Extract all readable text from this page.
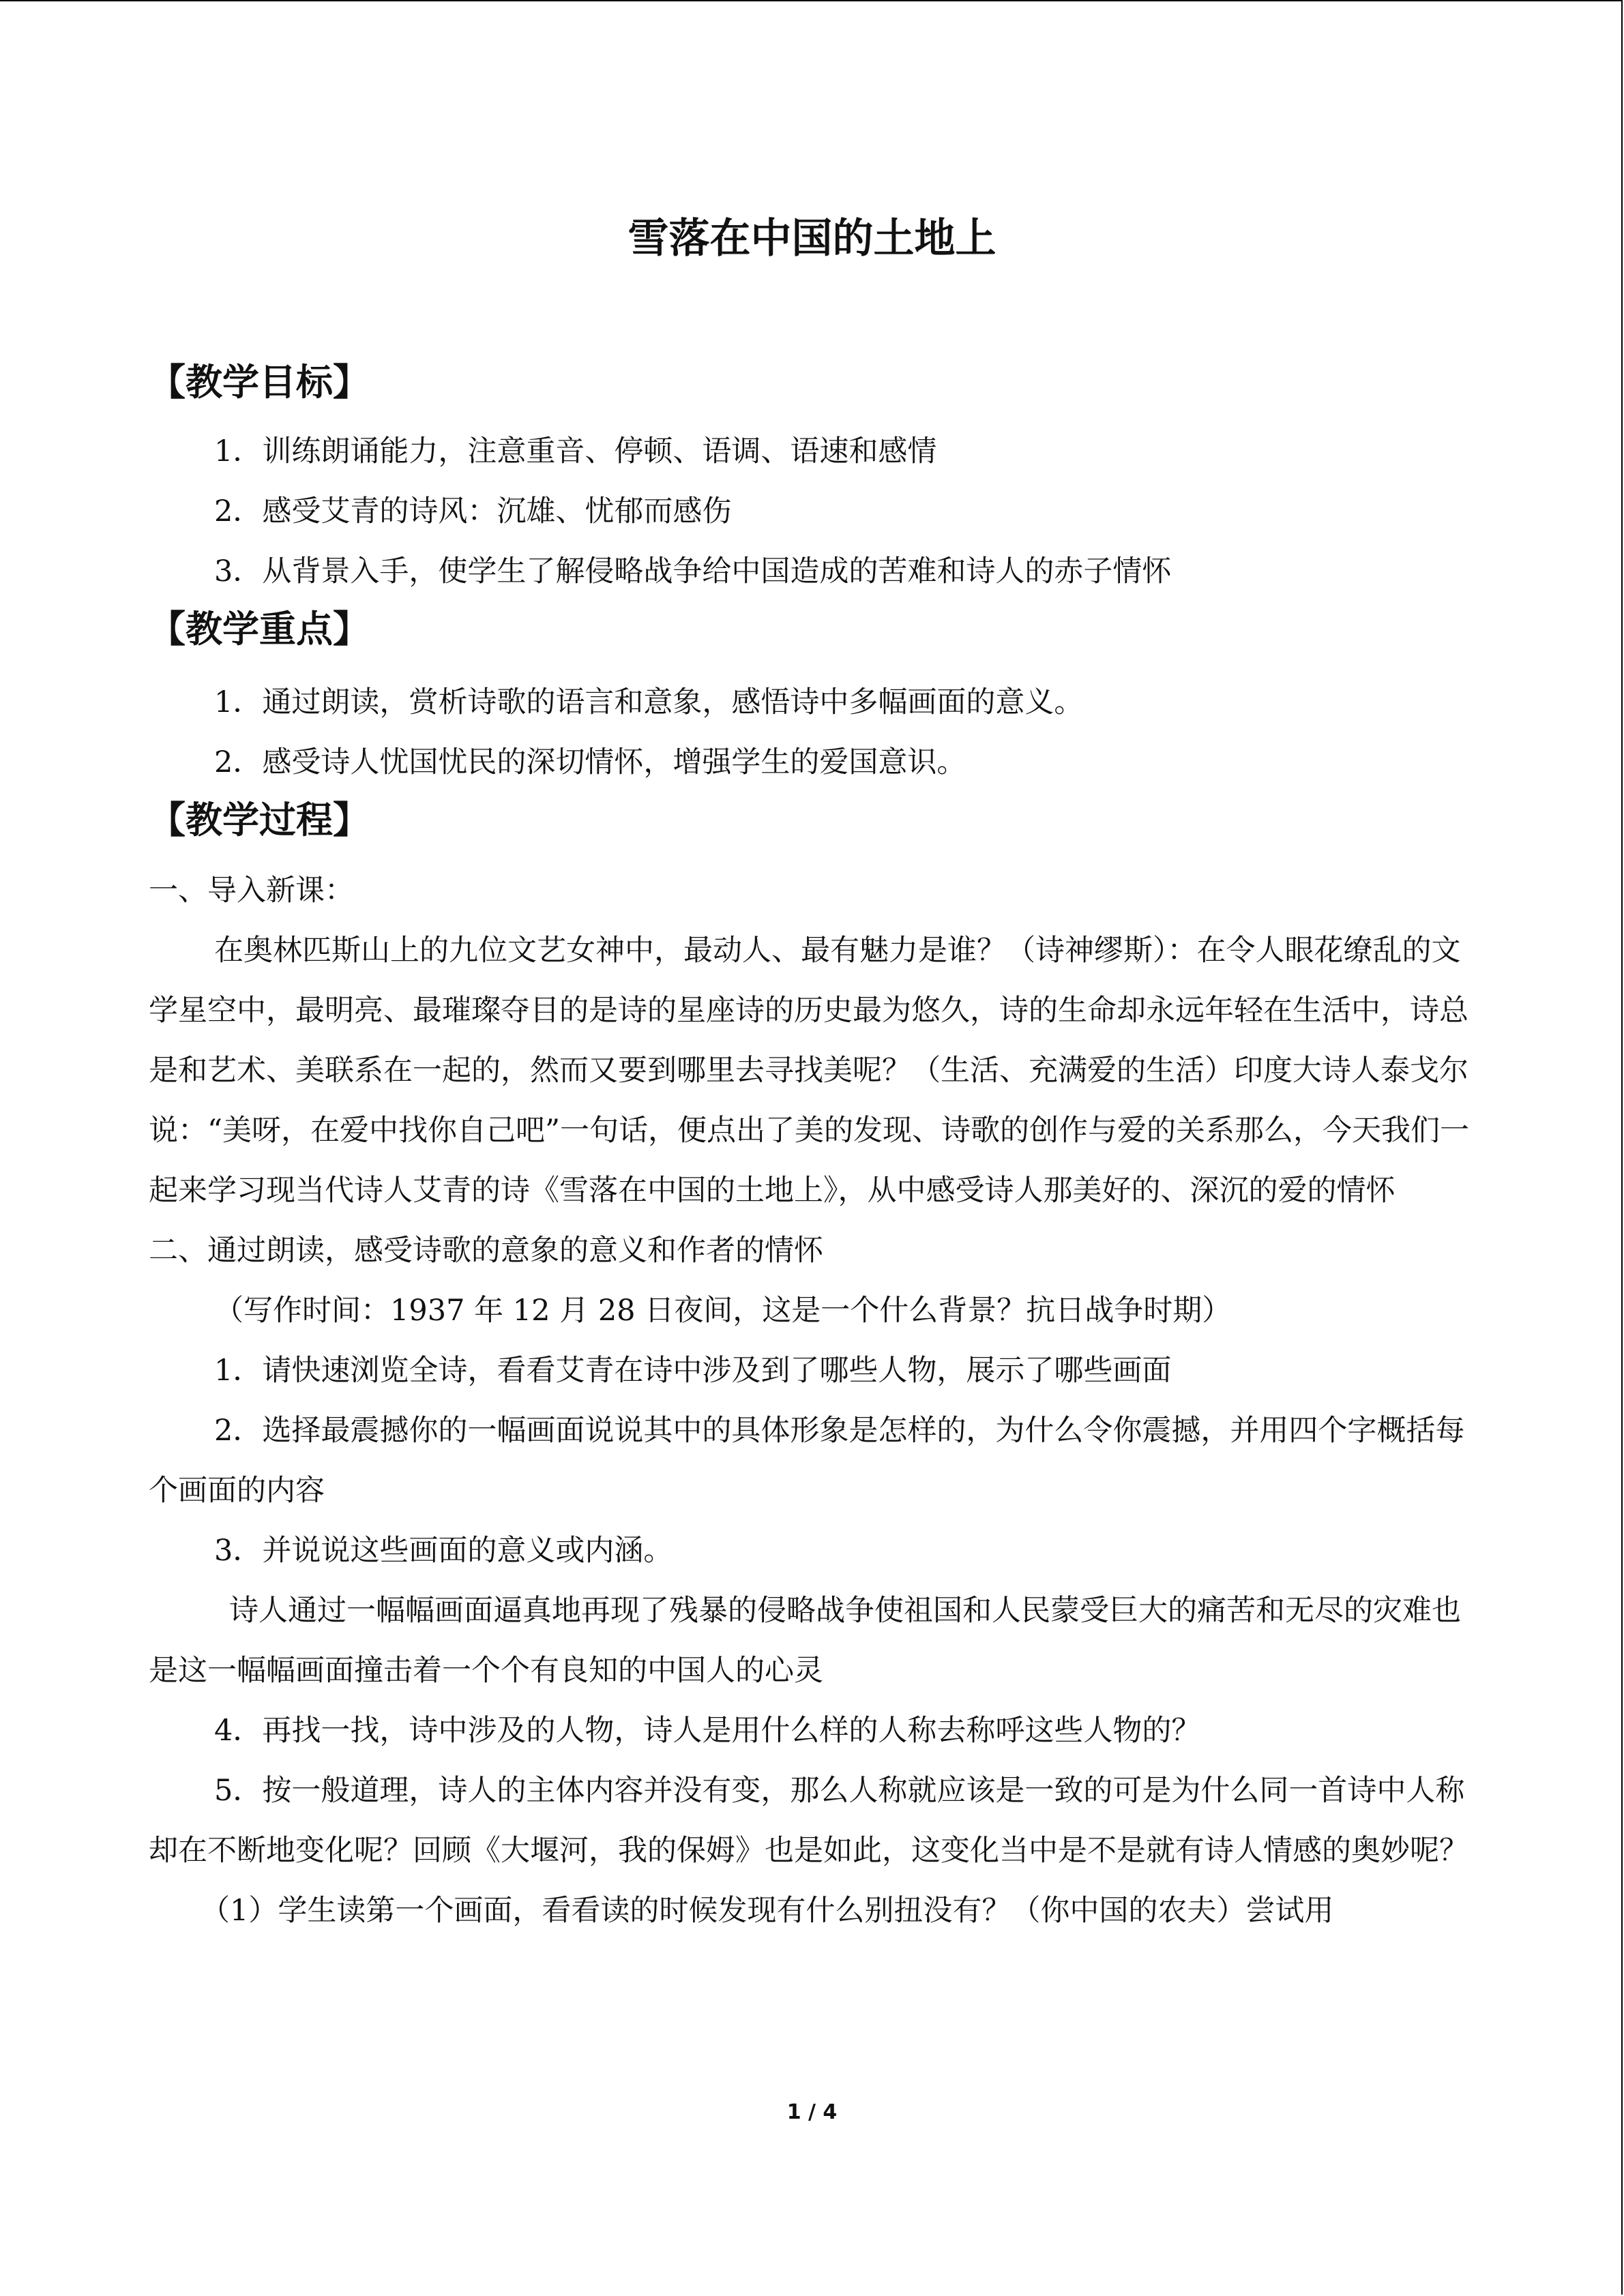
雪落在中国的土地上

【教学目标】

1．训练朗诵能力，注意重音、停顿、语调、语速和感情

2．感受艾青的诗风：沉雄、忧郁而感伤

3．从背景入手，使学生了解侵略战争给中国造成的苦难和诗人的赤子情怀

【教学重点】

1．通过朗读，赏析诗歌的语言和意象，感悟诗中多幅画面的意义。

2．感受诗人忧国忧民的深切情怀，增强学生的爱国意识。

【教学过程】

一、导入新课：

在奥林匹斯山上的九位文艺女神中，最动人、最有魅力是谁？（诗神缪斯）：在令人眼花缭乱的文学星空中，最明亮、最璀璨夺目的是诗的星座诗的历史最为悠久，诗的生命却永远年轻在生活中，诗总是和艺术、美联系在一起的，然而又要到哪里去寻找美呢？（生活、充满爱的生活）印度大诗人泰戈尔说：“美呀，在爱中找你自己吧”一句话，便点出了美的发现、诗歌的创作与爱的关系那么，今天我们一起来学习现当代诗人艾青的诗《雪落在中国的土地上》，从中感受诗人那美好的、深沉的爱的情怀

二、通过朗读，感受诗歌的意象的意义和作者的情怀

（写作时间：1937 年 12 月 28 日夜间，这是一个什么背景？抗日战争时期）

1．请快速浏览全诗，看看艾青在诗中涉及到了哪些人物，展示了哪些画面

2．选择最震撼你的一幅画面说说其中的具体形象是怎样的，为什么令你震撼，并用四个字概括每个画面的内容

3．并说说这些画面的意义或内涵。

诗人通过一幅幅画面逼真地再现了残暴的侵略战争使祖国和人民蒙受巨大的痛苦和无尽的灾难也是这一幅幅画面撞击着一个个有良知的中国人的心灵

4．再找一找，诗中涉及的人物，诗人是用什么样的人称去称呼这些人物的？

5．按一般道理，诗人的主体内容并没有变，那么人称就应该是一致的可是为什么同一首诗中人称却在不断地变化呢？回顾《大堰河，我的保姆》也是如此，这变化当中是不是就有诗人情感的奥妙呢？

（1）学生读第一个画面，看看读的时候发现有什么别扭没有？（你中国的农夫）尝试用

1 / 4
